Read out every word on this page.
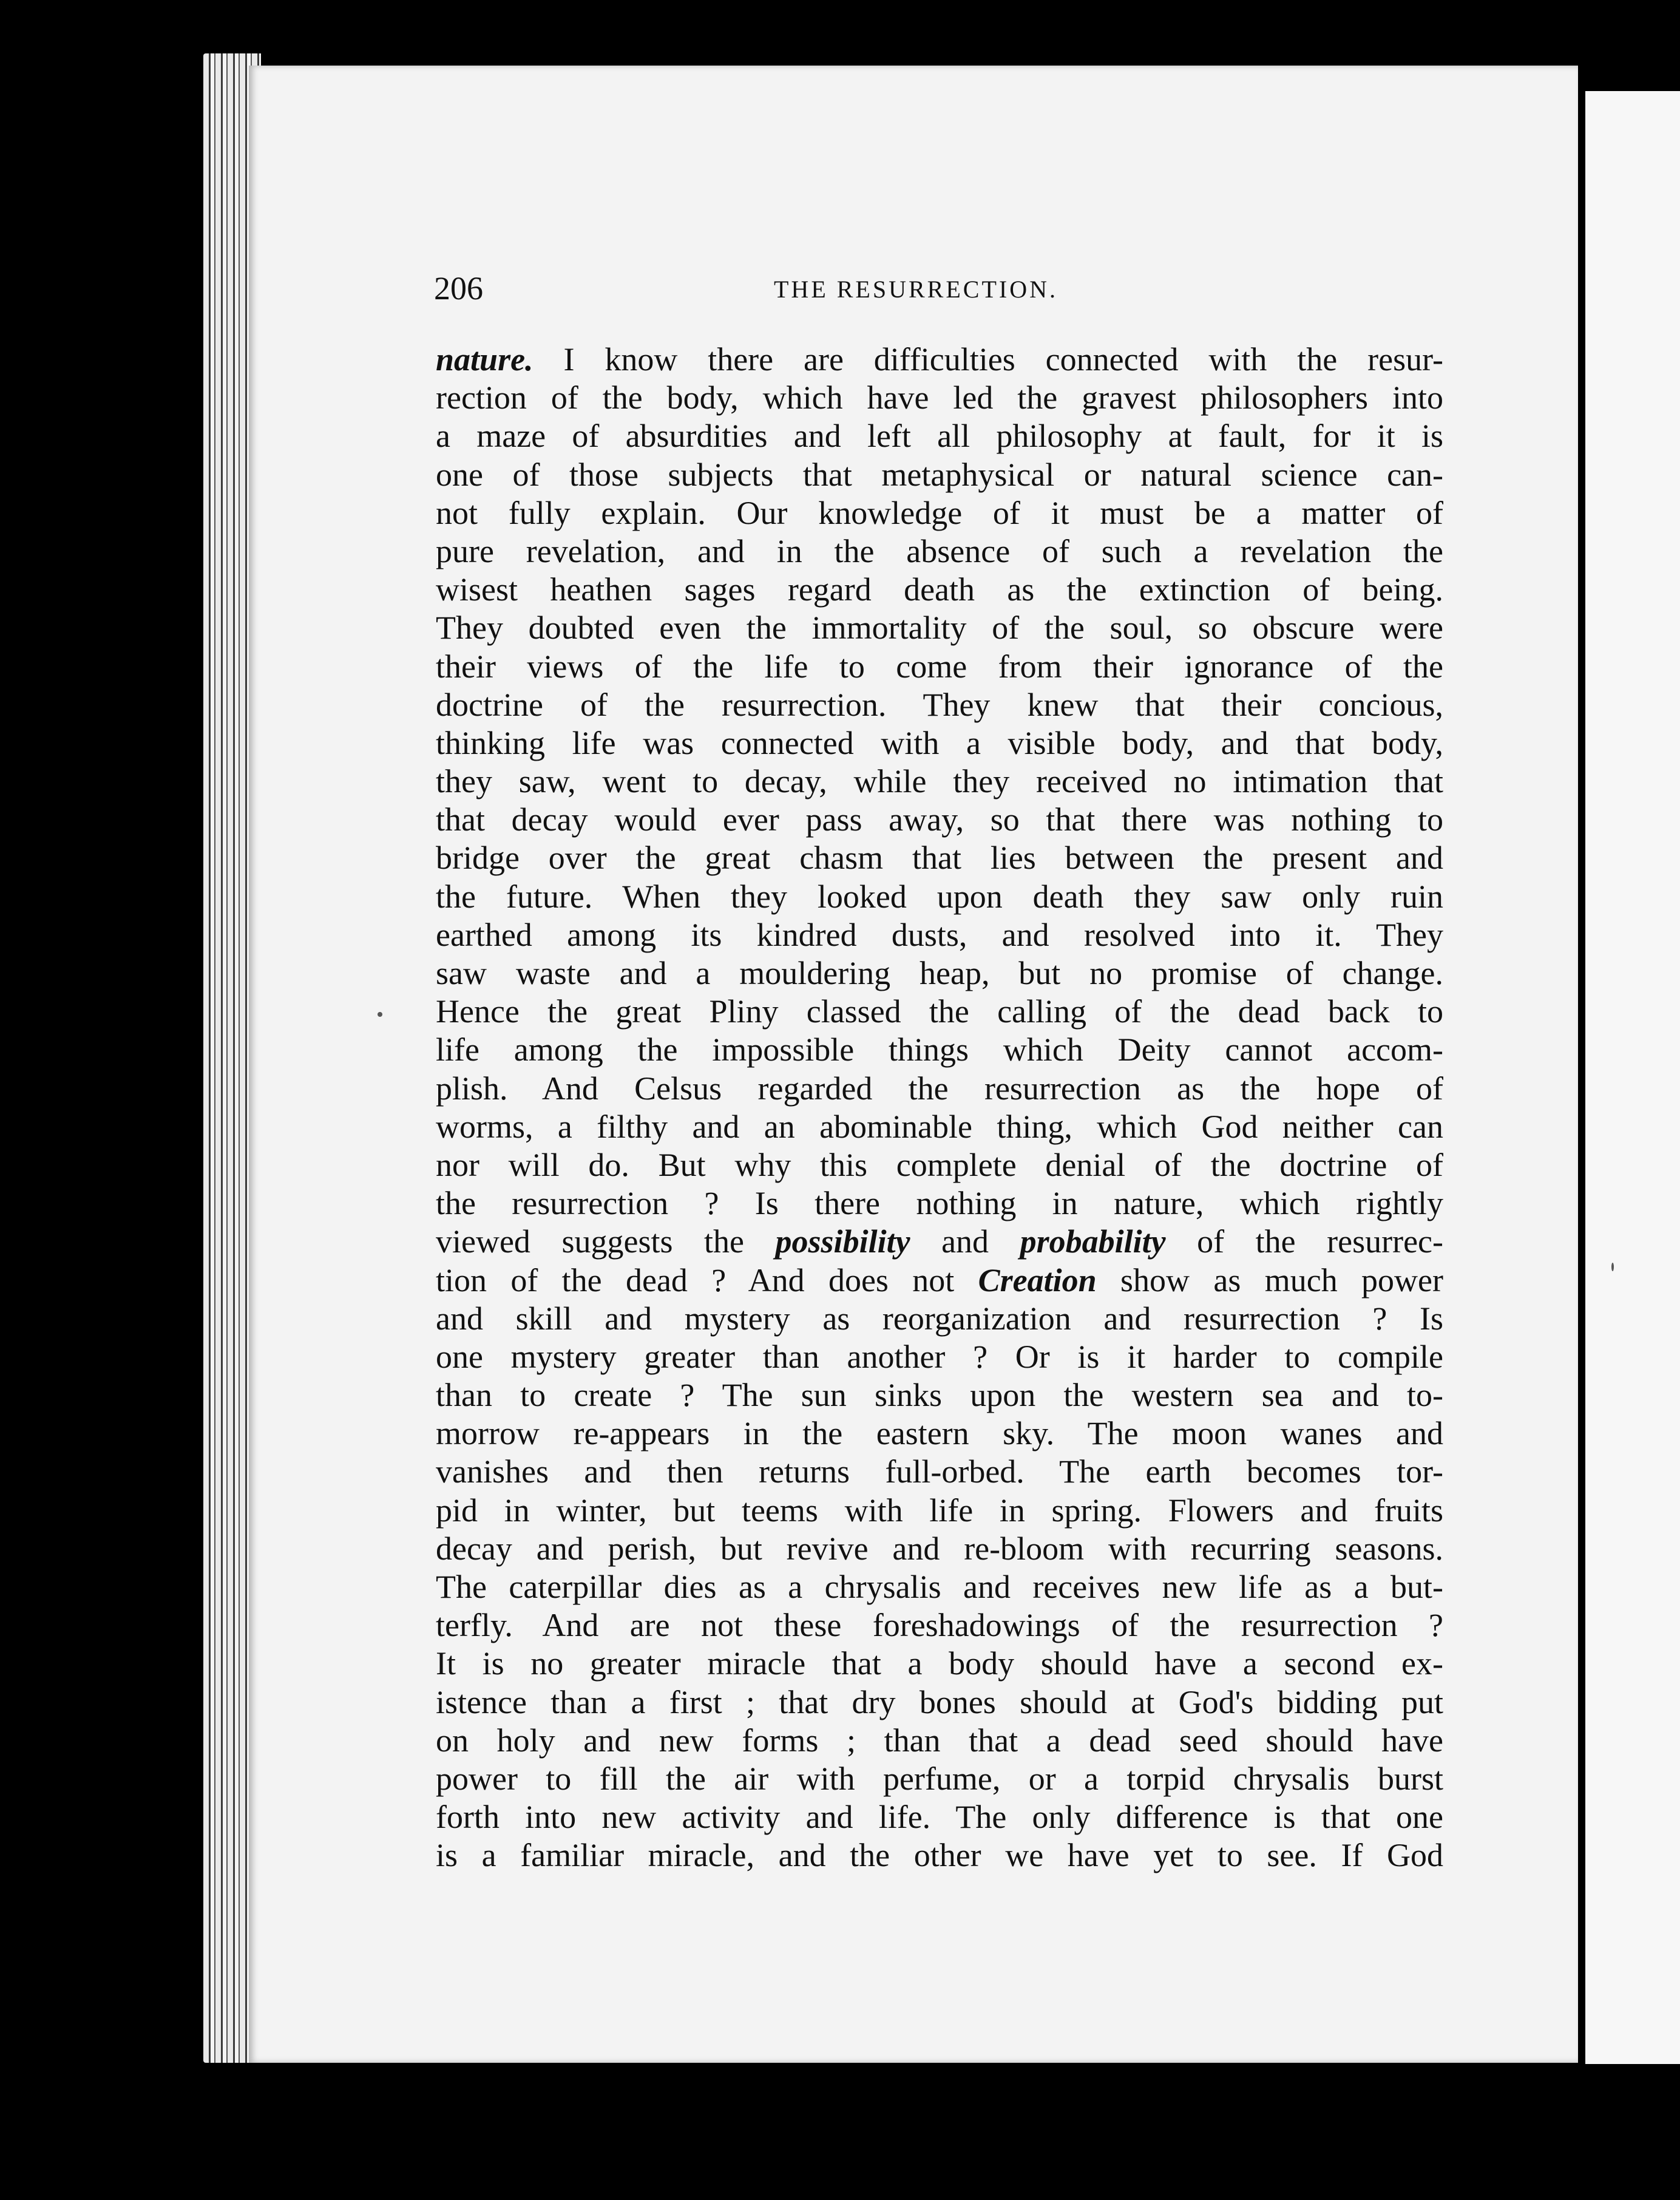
206	THE RESURRECTION.
nature. I know there are difficulties connected with the resur-
rection of the body, which have led the gravest philosophers into
a maze of absurdities and left all philosophy at fault, for it is
one of those subjects that metaphysical or natural science can-
not fully explain. Our knowledge of it must be a matter of
pure revelation, and in the absence of such a revelation the
wisest heathen sages regard death as the extinction of being.
They doubted even the immortality of the soul, so obscure were
their views of the life to come from their ignorance of the
doctrine of the resurrection. They knew that their concious,
thinking life was connected with a visible body, and that body,
they saw, went to decay, while they received no intimation that
that decay would ever pass away, so that there was nothing to
bridge over the great chasm that lies between the present and
the future. When they looked upon death they saw only ruin
earthed among its kindred dusts, and resolved into it. They
saw waste and a mouldering heap, but no promise of change.
Hence the great Pliny classed the calling of the dead back to
life among the impossible things which Deity cannot accom-
plish. And Celsus regarded the resurrection as the hope of
worms, a filthy and an abominable thing, which God neither can
nor will do. But why this complete denial of the doctrine of
the resurrection ? Is there nothing in nature, which rightly
viewed suggests the possibility and probability of the resurrec-
tion of the dead ? And does not Creation show as much power
and skill and mystery as reorganization and resurrection ? Is
one mystery greater than another ? Or is it harder to compile
than to create ? The sun sinks upon the western sea and to-
morrow re-appears in the eastern sky. The moon wanes and
vanishes and then returns full-orbed. The earth becomes tor-
pid in winter, but teems with life in spring. Flowers and fruits
decay and perish, but revive and re-bloom with recurring seasons.
The caterpillar dies as a chrysalis and receives new life as a but-
terfly. And are not these foreshadowings of the resurrection ?
It is no greater miracle that a body should have a second ex-
istence than a first ; that dry bones should at God's bidding put
on holy and new forms ; than that a dead seed should have
power to fill the air with perfume, or a torpid chrysalis burst
forth into new activity and life. The only difference is that one
is a familiar miracle, and the other we have yet to see. If God
